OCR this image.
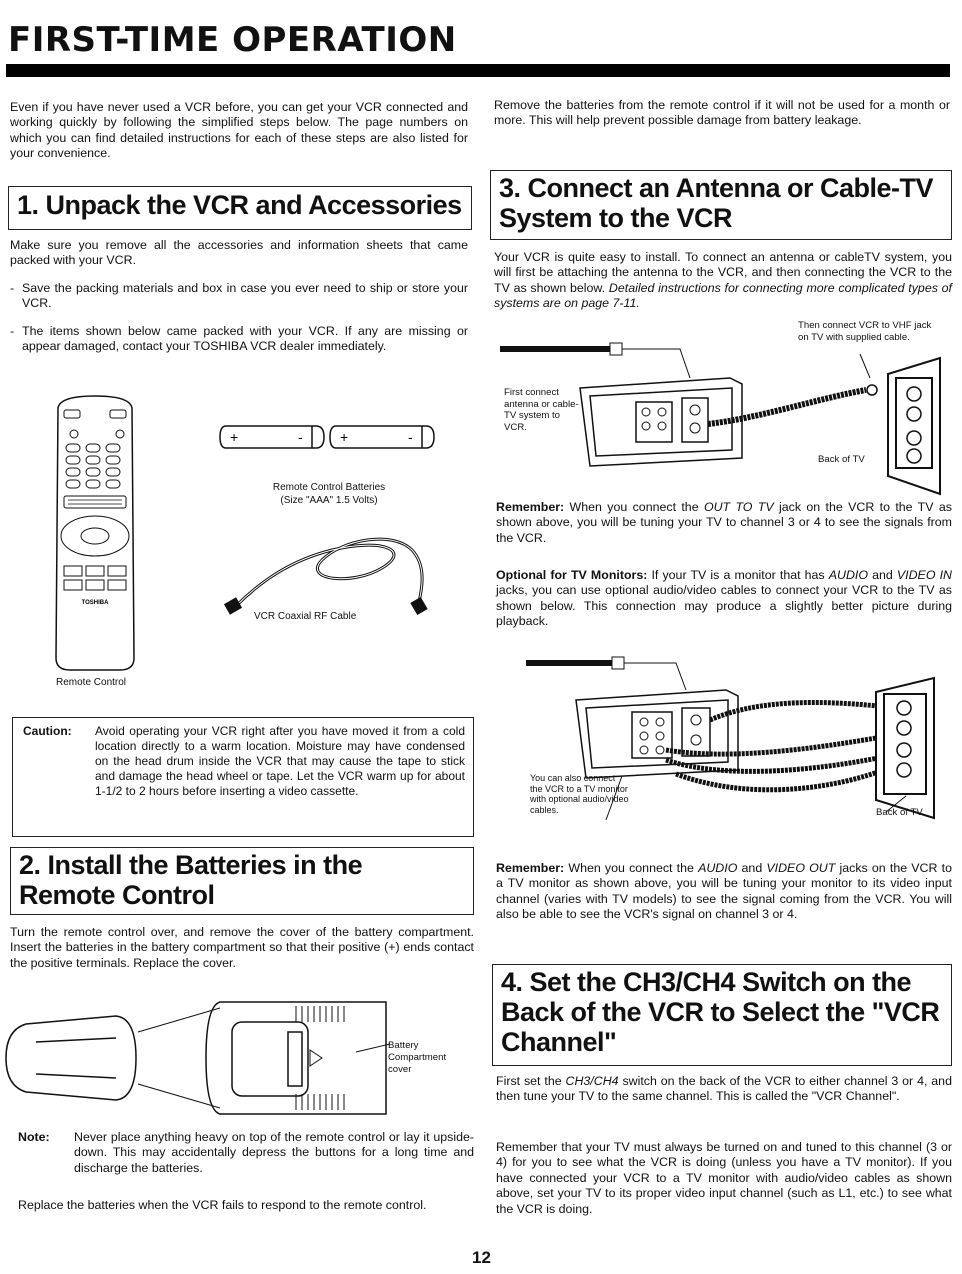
FIRST-TIME OPERATION
Even if you have never used a VCR before, you can get your VCR connected and working quickly by following the simplified steps below. The page numbers on which you can find detailed instructions for each of these steps are also listed for your convenience.
1. Unpack the VCR and Accessories
Make sure you remove all the accessories and information sheets that came packed with your VCR.
- Save the packing materials and box in case you ever need to ship or store your VCR.
- The items shown below came packed with your VCR. If any are missing or appear damaged, contact your TOSHIBA VCR dealer immediately.
TOSHIBA
Remote Control
+	-	+	-
Remote Control Batteries
(Size "AAA" 1.5 Volts)
VCR Coaxial RF Cable
Caution: Avoid operating your VCR right after you have moved it from a cold location directly to a warm location. Moisture may have condensed on the head drum inside the VCR that may cause the tape to stick and damage the head wheel or tape. Let the VCR warm up for about 1-1/2 to 2 hours before inserting a video cassette.
2. Install the Batteries in the Remote Control
Turn the remote control over, and remove the cover of the battery compartment. Insert the batteries in the battery compartment so that their positive (+) ends contact the positive terminals. Replace the cover.
Battery
Compartment
cover
Note: Never place anything heavy on top of the remote control or lay it upside-down. This may accidentally depress the buttons for a long time and discharge the batteries.
Replace the batteries when the VCR fails to respond to the remote control.
Remove the batteries from the remote control if it will not be used for a month or more. This will help prevent possible damage from battery leakage.
3. Connect an Antenna or Cable-TV System to the VCR
Your VCR is quite easy to install. To connect an antenna or cableTV system, you will first be attaching the antenna to the VCR, and then connecting the VCR to the TV as shown below. Detailed instructions for connecting more complicated types of systems are on page 7-11.
Then connect VCR to VHF jack on TV with supplied cable.
First connect antenna or cable-TV system to VCR.
Back of TV
Remember: When you connect the OUT TO TV jack on the VCR to the TV as shown above, you will be tuning your TV to channel 3 or 4 to see the signals from the VCR.
Optional for TV Monitors: If your TV is a monitor that has AUDIO and VIDEO IN jacks, you can use optional audio/video cables to connect your VCR to the TV as shown below. This connection may produce a slightly better picture during playback.
You can also connect the VCR to a TV monitor with optional audio/video cables.	Back of TV
Remember: When you connect the AUDIO and VIDEO OUT jacks on the VCR to a TV monitor as shown above, you will be tuning your monitor to its video input channel (varies with TV models) to see the signal coming from the VCR. You will also be able to see the VCR's signal on channel 3 or 4.
4. Set the CH3/CH4 Switch on the Back of the VCR to Select the "VCR Channel"
First set the CH3/CH4 switch on the back of the VCR to either channel 3 or 4, and then tune your TV to the same channel. This is called the "VCR Channel".
Remember that your TV must always be turned on and tuned to this channel (3 or 4) for you to see what the VCR is doing (unless you have a TV monitor). If you have connected your VCR to a TV monitor with audio/video cables as shown above, set your TV to its proper video input channel (such as L1, etc.) to see what the VCR is doing.
12
